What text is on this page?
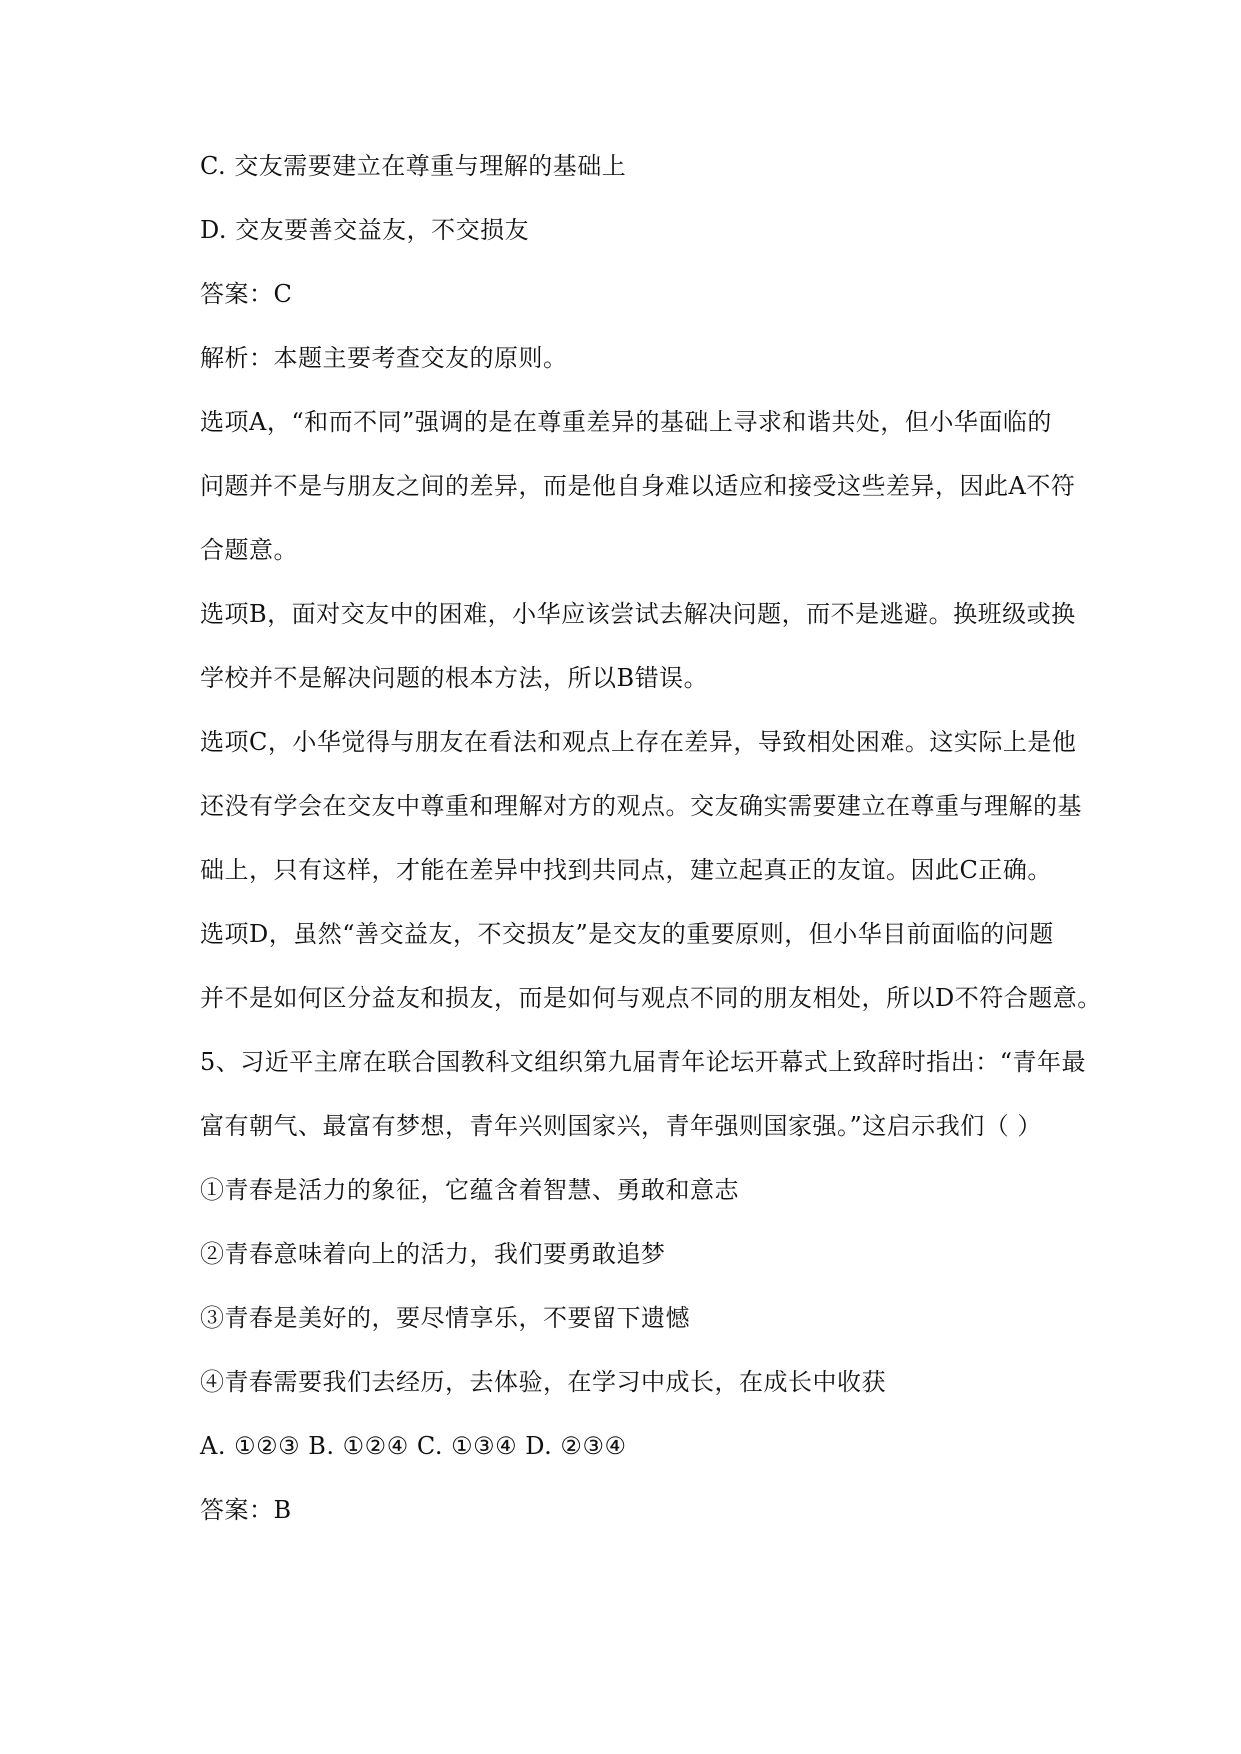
C. 交友需要建立在尊重与理解的基础上

D. 交友要善交益友，不交损友

答案：C

解析：本题主要考查交友的原则。

选项A，“和而不同”强调的是在尊重差异的基础上寻求和谐共处，但小华面临的

问题并不是与朋友之间的差异，而是他自身难以适应和接受这些差异，因此A不符

合题意。

选项B，面对交友中的困难，小华应该尝试去解决问题，而不是逃避。换班级或换

学校并不是解决问题的根本方法，所以B错误。

选项C，小华觉得与朋友在看法和观点上存在差异，导致相处困难。这实际上是他

还没有学会在交友中尊重和理解对方的观点。交友确实需要建立在尊重与理解的基

础上，只有这样，才能在差异中找到共同点，建立起真正的友谊。因此C正确。

选项D，虽然“善交益友，不交损友”是交友的重要原则，但小华目前面临的问题

并不是如何区分益友和损友，而是如何与观点不同的朋友相处，所以D不符合题意。

5、习近平主席在联合国教科文组织第九届青年论坛开幕式上致辞时指出：“青年最

富有朝气、最富有梦想，青年兴则国家兴，青年强则国家强。”这启示我们（ ）

①青春是活力的象征，它蕴含着智慧、勇敢和意志

②青春意味着向上的活力，我们要勇敢追梦

③青春是美好的，要尽情享乐，不要留下遗憾

④青春需要我们去经历，去体验，在学习中成长，在成长中收获

A. ①②③ B. ①②④ C. ①③④ D. ②③④

答案：B
